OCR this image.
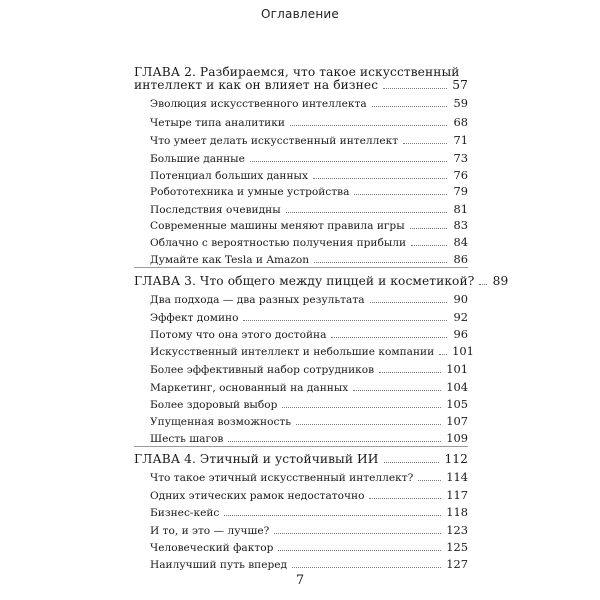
Оглавление
ГЛАВА 2. Разбираемся, что такое искусственный
интеллект и как он влияет на бизнес	57
Эволюция искусственного интеллекта	59
Четыре типа аналитики	68
Что умеет делать искусственный интеллект	71
Большие данные	73
Потенциал больших данных	76
Робототехника и умные устройства	79
Последствия очевидны	81
Современные машины меняют правила игры	83
Облачно с вероятностью получения прибыли	84
Думайте как Tesla и Amazon	86
ГЛАВА 3. Что общего между пиццей и косметикой? 89
Два подхода — два разных результата	90
Эффект домино	92
Потому что она этого достойна	96
Искусственный интеллект и небольшие компании 101
Более эффективный набор сотрудников	101
Маркетинг, основанный на данных	104
Более здоровый выбор	105
Упущенная возможность	107
Шесть шагов	109
ГЛАВА 4. Этичный и устойчивый ИИ	112
Что такое этичный искусственный интеллект?	114
Одних этических рамок недостаточно	117
Бизнес-кейс	118
И то, и это — лучше?	123
Человеческий фактор	125
Наилучший путь вперед	127
7
